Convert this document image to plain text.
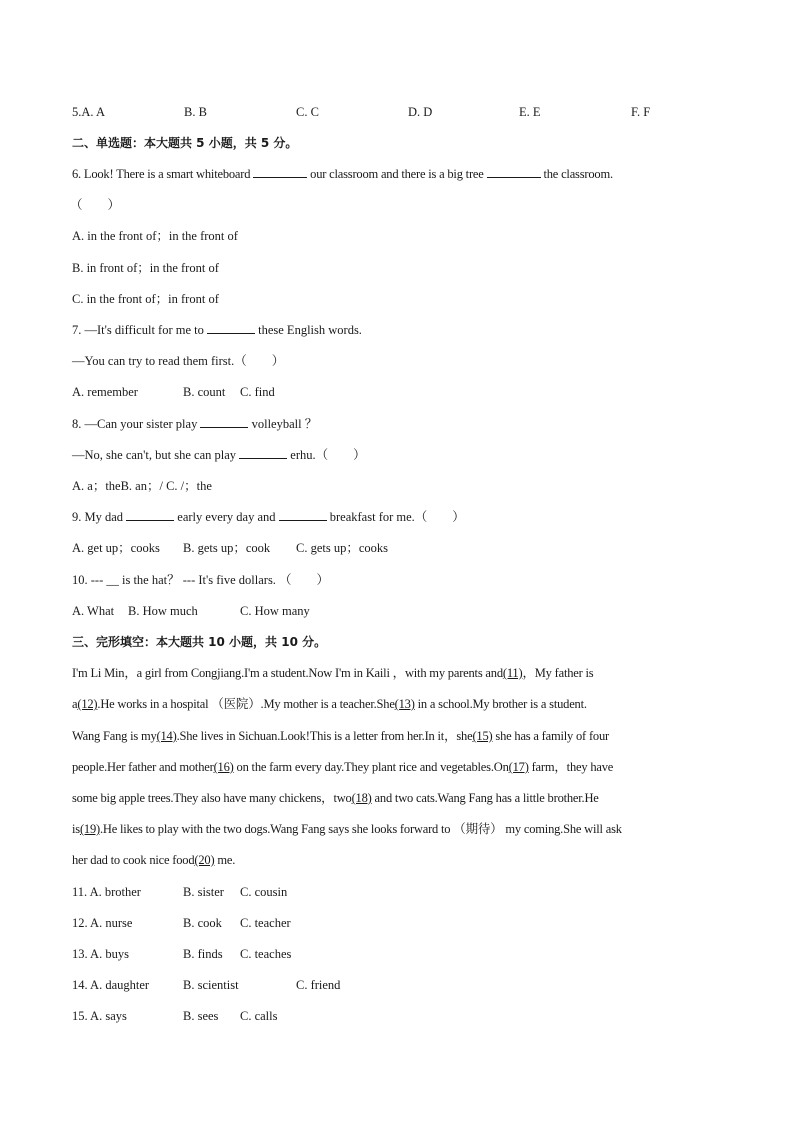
5.A. A	B. B	C. C	D. D	E. E	F. F
二、单选题：本大题共 5 小题，共 5 分。
6. Look! There is a smart whiteboard	our classroom and there is a big tree	the classroom.
（　　）
A. in the front of；in the front of
B. in front of；in the front of
C. in the front of；in front of
7. —It's difficult for me to	these English words.
—You can try to read them first.（　　）
A. remember	B. count C. find
8. —Can your sister play	volleyball ？
—No, she can't, but she can play	erhu.（　　）
A. a；theB. an；/ C. /；the
9. My dad	early every day and	breakfast for me.（　　）
A. get up；cooks B. gets up；cook C. gets up；cooks
10. --- __ is the hat？ --- It's five dollars. （　　）
A. What B. How much	C. How many
三、完形填空：本大题共 10 小题，共 10 分。
I'm Li Min，a girl from Congjiang.I'm a student.Now I'm in Kaili ，with my parents and(11)，My father is
a(12).He works in a hospital （医院）.My mother is a teacher.She(13) in a school.My brother is a student.
Wang Fang is my(14).She lives in Sichuan.Look!This is a letter from her.In it，she(15) she has a family of four
people.Her father and mother(16) on the farm every day.They plant rice and vegetables.On(17) farm，they have
some big apple trees.They also have many chickens，two(18) and two cats.Wang Fang has a little brother.He
is(19).He likes to play with the two dogs.Wang Fang says she looks forward to （期待） my coming.She will ask
her dad to cook nice food(20) me.
11. A. brother	B. sister C. cousin
12. A. nurse	B. cook C. teacher
13. A. buys	B. finds C. teaches
14. A. daughter	B. scientist	C. friend
15. A. says	B. sees C. calls
